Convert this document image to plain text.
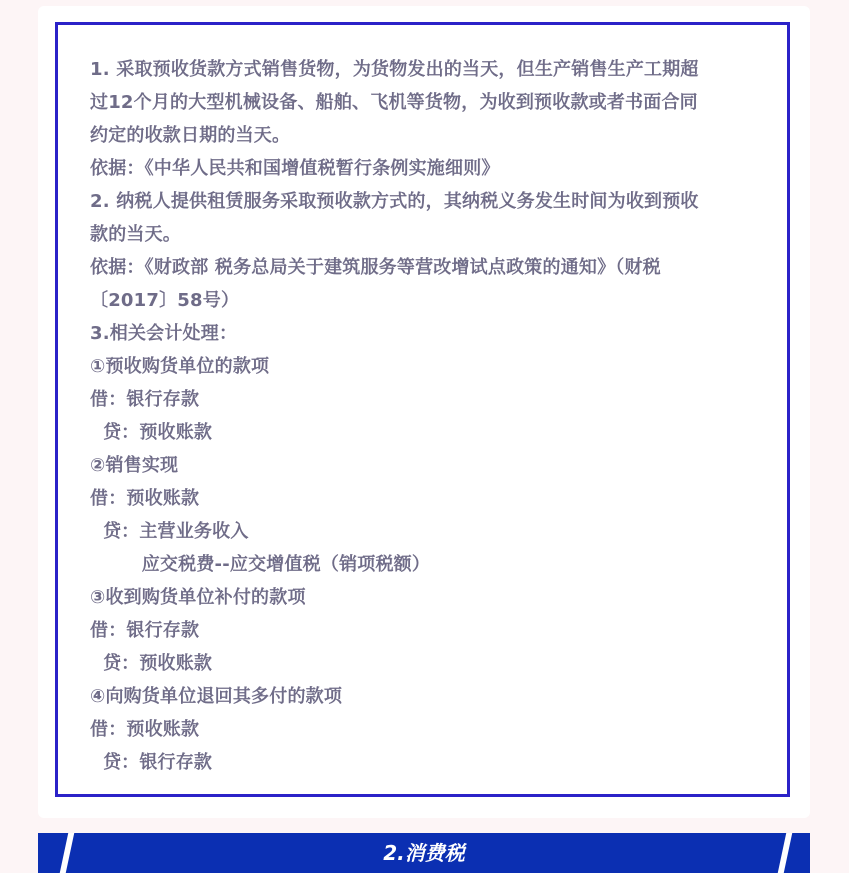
1. 采取预收货款方式销售货物，为货物发出的当天，但生产销售生产工期超

过12个月的大型机械设备、船舶、飞机等货物，为收到预收款或者书面合同

约定的收款日期的当天。

依据：《中华人民共和国增值税暂行条例实施细则》

2. 纳税人提供租赁服务采取预收款方式的，其纳税义务发生时间为收到预收

款的当天。

依据：《财政部 税务总局关于建筑服务等营改增试点政策的通知》（财税

〔2017〕58号）

3.相关会计处理：

①预收购货单位的款项

借：银行存款

贷：预收账款

②销售实现

借：预收账款

贷：主营业务收入

应交税费--应交增值税（销项税额）

③收到购货单位补付的款项

借：银行存款

贷：预收账款

④向购货单位退回其多付的款项

借：预收账款

贷：银行存款

2.消费税
